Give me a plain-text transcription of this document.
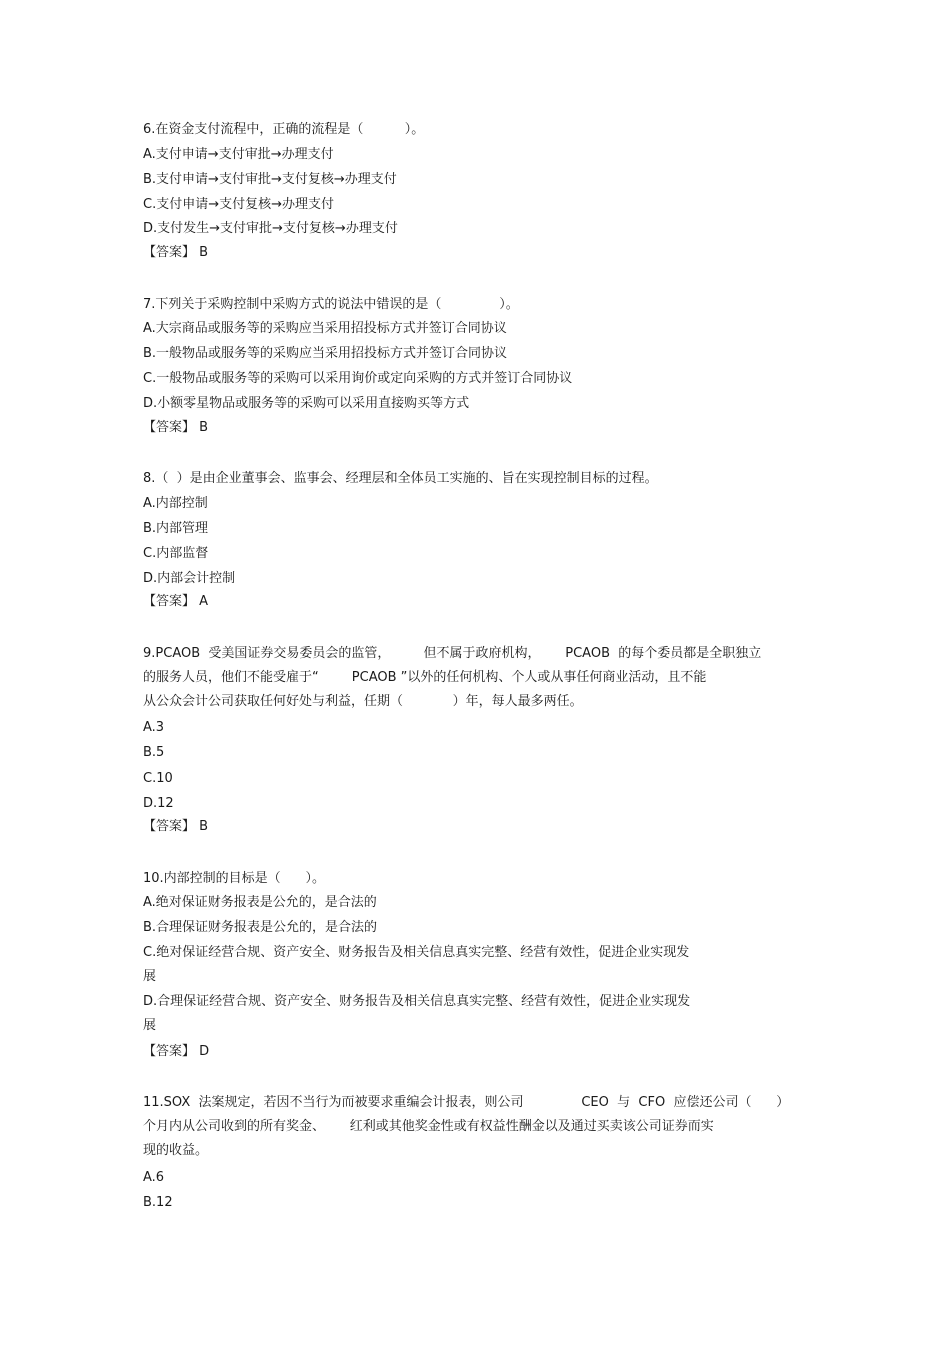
6.在资金支付流程中，正确的流程是（          ）。
A.支付申请→支付审批→办理支付
B.支付申请→支付审批→支付复核→办理支付
C.支付申请→支付复核→办理支付
D.支付发生→支付审批→支付复核→办理支付
【答案】 B
7.下列关于采购控制中采购方式的说法中错误的是（              ）。
A.大宗商品或服务等的采购应当采用招投标方式并签订合同协议
B.一般物品或服务等的采购应当采用招投标方式并签订合同协议
C.一般物品或服务等的采购可以采用询价或定向采购的方式并签订合同协议
D.小额零星物品或服务等的采购可以采用直接购买等方式
【答案】 B
8.（  ）是由企业董事会、监事会、经理层和全体员工实施的、旨在实现控制目标的过程。
A.内部控制
B.内部管理
C.内部监督
D.内部会计控制
【答案】 A
9.PCAOB  受美国证券交易委员会的监管，        但不属于政府机构，      PCAOB  的每个委员都是全职独立
的服务人员，他们不能受雇于“        PCAOB ”以外的任何机构、个人或从事任何商业活动，且不能
从公众会计公司获取任何好处与利益，任期（            ）年，每人最多两任。
A.3
B.5
C.10
D.12
【答案】 B
10.内部控制的目标是（      ）。
A.绝对保证财务报表是公允的，是合法的
B.合理保证财务报表是公允的，是合法的
C.绝对保证经营合规、资产安全、财务报告及相关信息真实完整、经营有效性，促进企业实现发
展
D.合理保证经营合规、资产安全、财务报告及相关信息真实完整、经营有效性，促进企业实现发
展
【答案】 D
11.SOX  法案规定，若因不当行为而被要求重编会计报表，则公司              CEO  与  CFO  应偿还公司（      ）
个月内从公司收到的所有奖金、      红利或其他奖金性或有权益性酬金以及通过买卖该公司证券而实
现的收益。
A.6
B.12
